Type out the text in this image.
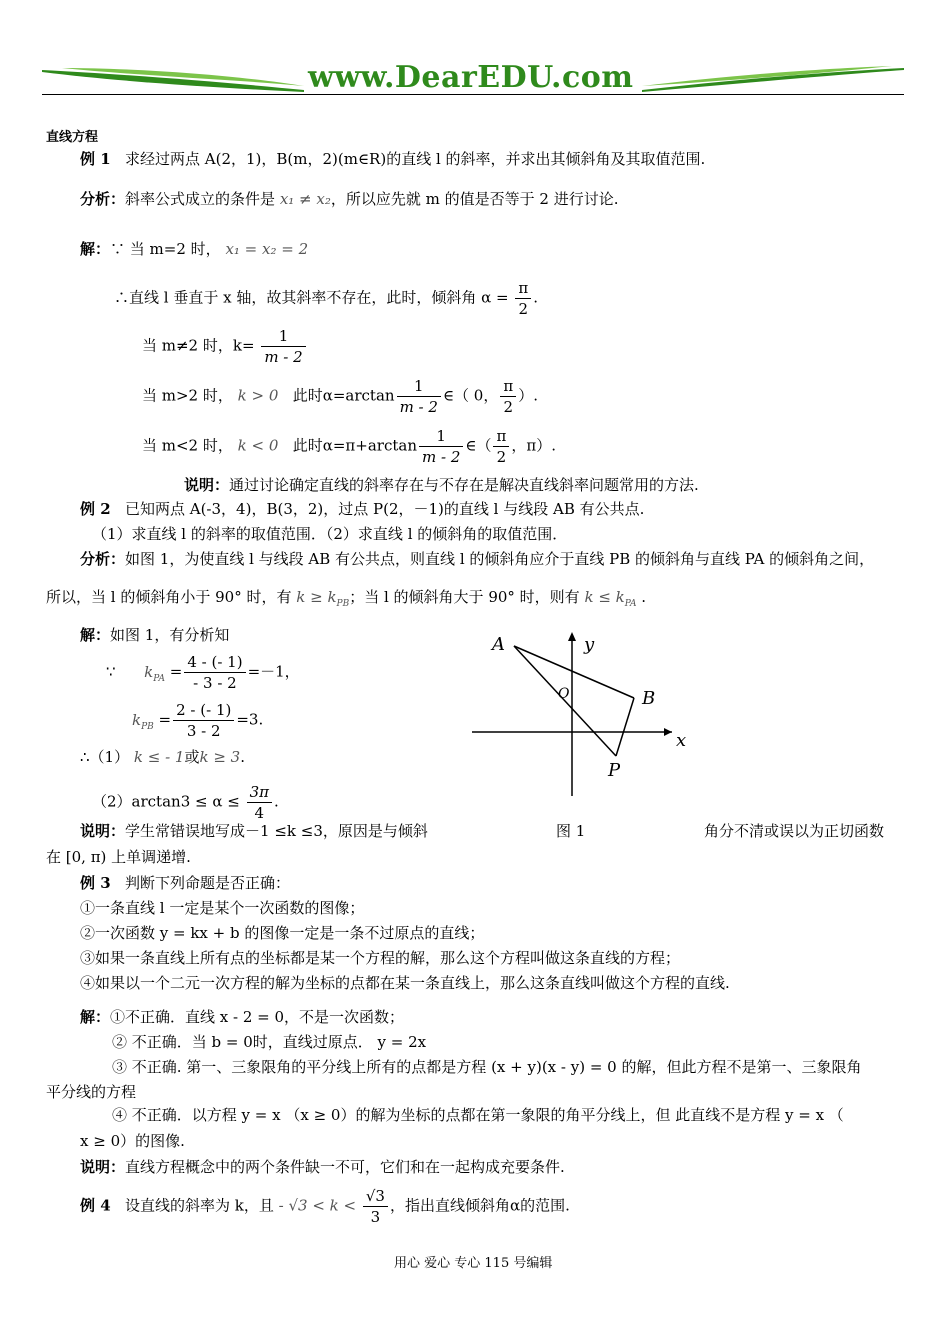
www.DearEDU.com
直线方程
例 1 求经过两点 A(2，1)，B(m，2)(m∈R)的直线 l 的斜率，并求出其倾斜角及其取值范围.
分析：斜率公式成立的条件是 x₁ ≠ x₂，所以应先就 m 的值是否等于 2 进行讨论.
解：∵ 当 m=2 时， x₁ = x₂ = 2
∴直线 l 垂直于 x 轴，故其斜率不存在，此时，倾斜角 $\alpha = \frac{\pi}{2}$ .
当 m≠2 时，$k= \frac{1}{m - 2}$
当 m>2 时， k > 0 此时$\alpha=\arctan \frac{1}{m - 2}$ ∈（ 0， $\frac{\pi}{2}$ ）.
当 m<2 时， k < 0 此时$\alpha=\pi+\arctan \frac{1}{m - 2}$ ∈（ $\frac{\pi}{2}$ ，π）.
说明：通过讨论确定直线的斜率存在与不存在是解决直线斜率问题常用的方法.
例 2 已知两点 A(-3，4)，B(3，2)，过点 P(2，－1)的直线 l 与线段 AB 有公共点.
（1）求直线 l 的斜率的取值范围．（2）求直线 l 的倾斜角的取值范围．
分析：如图 1，为使直线 l 与线段 AB 有公共点，则直线 l 的倾斜角应介于直线 PB 的倾斜角与直线 PA 的倾斜角之间，
所以，当 l 的倾斜角小于 90° 时，有 $k \ge k_{PB}$；当 l 的倾斜角大于 90° 时，则有 $k \le k_{PA}$ .
解：如图 1，有分析知
∵ $k_{PA} = \frac{4 - (- 1)}{- 3 - 2} =-1$，
$k_{PB} = \frac{2 - (- 1)}{3 - 2} =3$.
∴（1） k ≤ - 1或k ≥ 3.
$(2)\arctan 3 \le \alpha \le \frac{3\pi}{4}$ .
A
B
P
O
x
y
说明：学生常错误地写成－1 ≤k ≤3，原因是与倾斜	图 1	角分不清或误以为正切函数
在 [0, π) 上单调递增.
例 3 判断下列命题是否正确：
①一条直线 l 一定是某个一次函数的图像；
②一次函数 y = kx + b 的图像一定是一条不过原点的直线；
③如果一条直线上所有点的坐标都是某一个方程的解，那么这个方程叫做这条直线的方程；
④如果以一个二元一次方程的解为坐标的点都在某一条直线上，那么这条直线叫做这个方程的直线.
解：①不正确．直线 x - 2 = 0，不是一次函数；
② 不正确．当 b = 0时，直线过原点． y = 2x
③ 不正确. 第一、三象限角的平分线上所有的点都是方程 (x + y)(x - y) = 0 的解，但此方程不是第一、三象限角
平分线的方程
④ 不正确．以方程 y = x （x ≥ 0）的解为坐标的点都在第一象限的角平分线上，但 此直线不是方程 y = x （
x ≥ 0）的图像.
说明：直线方程概念中的两个条件缺一不可，它们和在一起构成充要条件.
例 4 设直线的斜率为 k，且 - $√3 < k < \frac{√3}{3}$ ，指出直线倾斜角α的范围.
用心 爱心 专心 115 号编辑
